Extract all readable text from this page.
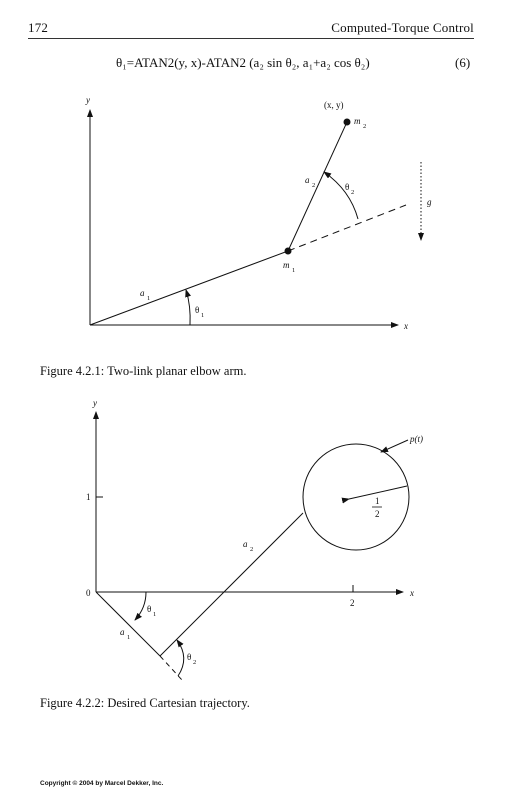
172	Computed-Torque Control
θ₁=ATAN2(y, x)-ATAN2 (a₂ sin θ₂, a₁+a₂ cos θ₂)	(6)
y
x
g
(x, y)
m
2
m
1
a
1
a
2
θ
1
θ
2
y
x
0
1
2
p(t)
1
2
a
1
a
2
θ
1
θ
2
Figure 4.2.1: Two-link planar elbow arm.
Figure 4.2.2: Desired Cartesian trajectory.
Copyright © 2004 by Marcel Dekker, Inc.
